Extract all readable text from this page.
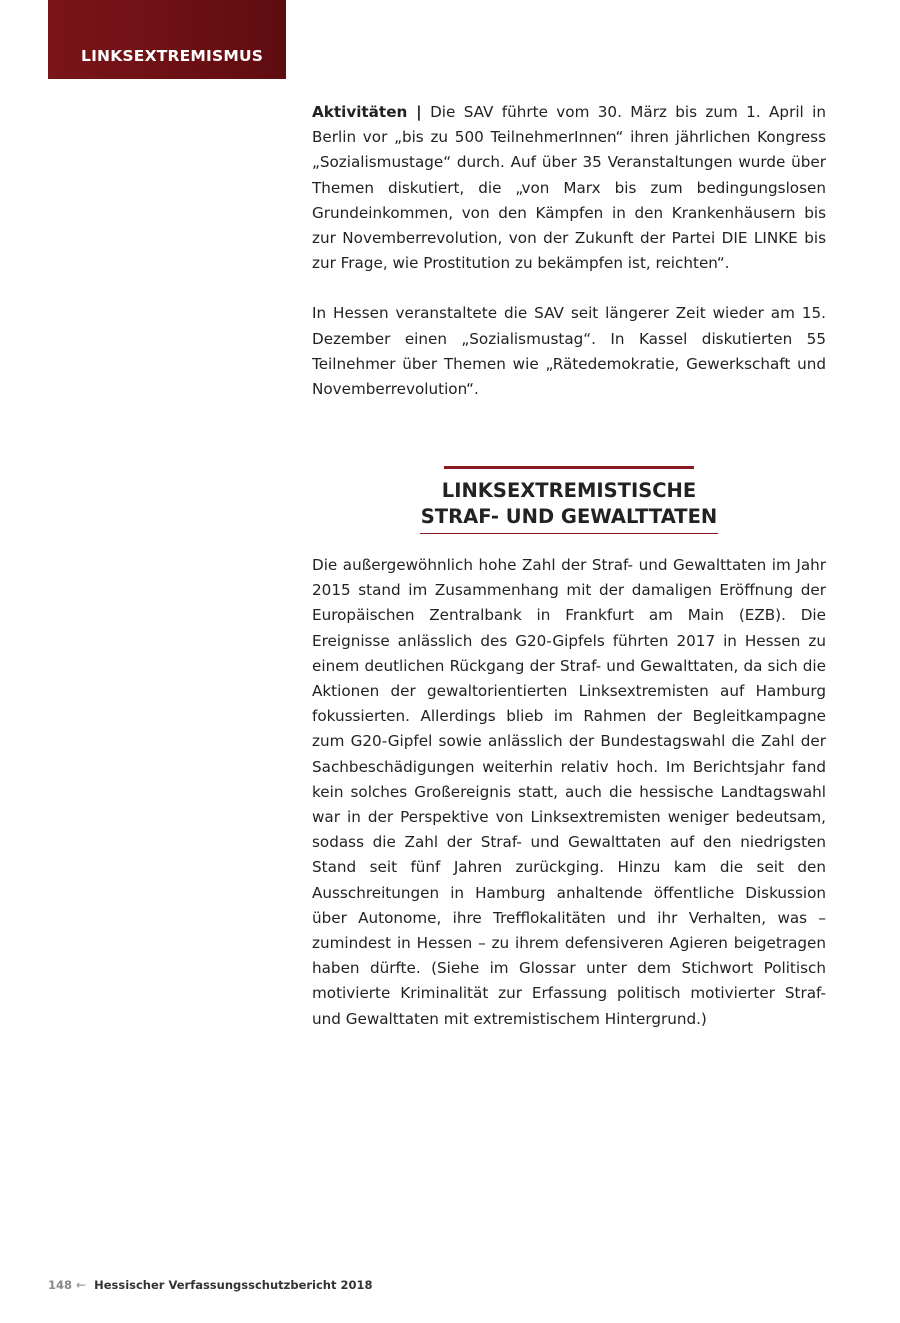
LINKSEXTREMISMUS

Aktivitäten | Die SAV führte vom 30. März bis zum 1. April in Berlin vor „bis zu 500 TeilnehmerInnen“ ihren jährlichen Kongress „Sozialismustage“ durch. Auf über 35 Veranstaltungen wurde über Themen diskutiert, die „von Marx bis zum bedingungslosen Grundeinkommen, von den Kämpfen in den Krankenhäusern bis zur Novemberrevolution, von der Zukunft der Partei DIE LINKE bis zur Frage, wie Prostitution zu bekämpfen ist, reichten“.

In Hessen veranstaltete die SAV seit längerer Zeit wieder am 15. Dezember einen „Sozialismustag“. In Kassel diskutierten 55 Teilnehmer über Themen wie „Rätedemokratie, Gewerkschaft und Novemberrevolution“.

LINKSEXTREMISTISCHE
STRAF- UND GEWALTTATEN

Die außergewöhnlich hohe Zahl der Straf- und Gewalttaten im Jahr 2015 stand im Zusammenhang mit der damaligen Eröffnung der Europäischen Zentralbank in Frankfurt am Main (EZB). Die Ereignisse anlässlich des G20-Gipfels führten 2017 in Hessen zu einem deutlichen Rückgang der Straf- und Gewalttaten, da sich die Aktionen der gewaltorientierten Linksextremisten auf Hamburg fokussierten. Allerdings blieb im Rahmen der Begleitkampagne zum G20-Gipfel sowie anlässlich der Bundestagswahl die Zahl der Sachbeschädigungen weiterhin relativ hoch. Im Berichtsjahr fand kein solches Großereignis statt, auch die hessische Landtagswahl war in der Perspektive von Linksextremisten weniger bedeutsam, sodass die Zahl der Straf- und Gewalttaten auf den niedrigsten Stand seit fünf Jahren zurückging. Hinzu kam die seit den Ausschreitungen in Hamburg anhaltende öffentliche Diskussion über Autonome, ihre Trefflokalitäten und ihr Verhalten, was – zumindest in Hessen – zu ihrem defensiveren Agieren beigetragen haben dürfte. (Siehe im Glossar unter dem Stichwort Politisch motivierte Kriminalität zur Erfassung politisch motivierter Straf- und Gewalttaten mit extremistischem Hintergrund.)

148 ← Hessischer Verfassungsschutzbericht 2018
